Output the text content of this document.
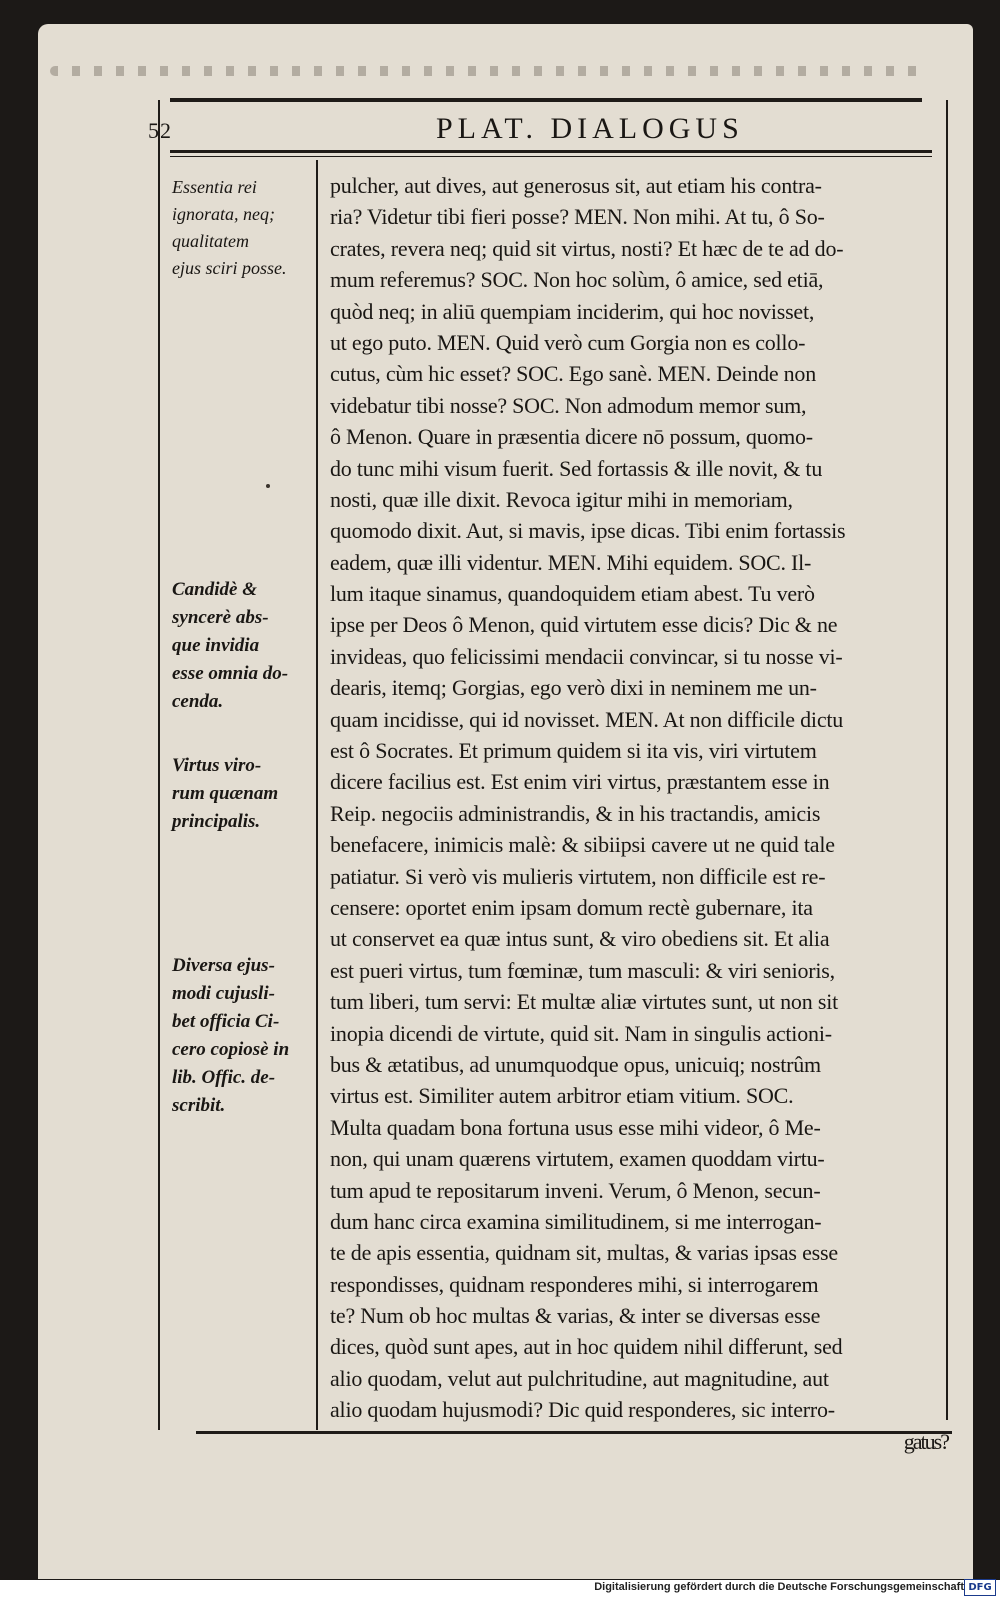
52	PLAT. DIALOGUS
Essentia rei
ignorata, neq;
qualitatem
ejus sciri posse.
Candidè &
syncerè abs-
que invidia
esse omnia do-
cenda.
Virtus viro-
rum quænam
principalis.
Diversa ejus-
modi cujusli-
bet officia Ci-
cero copiosè in
lib. Offic. de-
scribit.
pulcher, aut dives, aut generosus sit, aut etiam his contra-
ria? Videtur tibi fieri posse? MEN. Non mihi. At tu, ô So-
crates, revera neq; quid sit virtus, nosti? Et hæc de te ad do-
mum referemus? SOC. Non hoc solùm, ô amice, sed etiā,
quòd neq; in aliū quempiam inciderim, qui hoc novisset,
ut ego puto. MEN. Quid verò cum Gorgia non es collo-
cutus, cùm hic esset? SOC. Ego sanè. MEN. Deinde non
videbatur tibi nosse? SOC. Non admodum memor sum,
ô Menon. Quare in præsentia dicere nō possum, quomo-
do tunc mihi visum fuerit. Sed fortassis & ille novit, & tu
nosti, quæ ille dixit. Revoca igitur mihi in memoriam,
quomodo dixit. Aut, si mavis, ipse dicas. Tibi enim fortassis
eadem, quæ illi videntur. MEN. Mihi equidem. SOC. Il-
lum itaque sinamus, quandoquidem etiam abest. Tu verò
ipse per Deos ô Menon, quid virtutem esse dicis? Dic & ne
invideas, quo felicissimi mendacii convincar, si tu nosse vi-
dearis, itemq; Gorgias, ego verò dixi in neminem me un-
quam incidisse, qui id novisset. MEN. At non difficile dictu
est ô Socrates. Et primum quidem si ita vis, viri virtutem
dicere facilius est. Est enim viri virtus, præstantem esse in
Reip. negociis administrandis, & in his tractandis, amicis
benefacere, inimicis malè: & sibiipsi cavere ut ne quid tale
patiatur. Si verò vis mulieris virtutem, non difficile est re-
censere: oportet enim ipsam domum rectè gubernare, ita
ut conservet ea quæ intus sunt, & viro obediens sit. Et alia
est pueri virtus, tum fœminæ, tum masculi: & viri senioris,
tum liberi, tum servi: Et multæ aliæ virtutes sunt, ut non sit
inopia dicendi de virtute, quid sit. Nam in singulis actioni-
bus & ætatibus, ad unumquodque opus, unicuiq; nostrûm
virtus est. Similiter autem arbitror etiam vitium. SOC.
Multa quadam bona fortuna usus esse mihi videor, ô Me-
non, qui unam quærens virtutem, examen quoddam virtu-
tum apud te repositarum inveni. Verum, ô Menon, secun-
dum hanc circa examina similitudinem, si me interrogan-
te de apis essentia, quidnam sit, multas, & varias ipsas esse
respondisses, quidnam responderes mihi, si interrogarem
te? Num ob hoc multas & varias, & inter se diversas esse
dices, quòd sunt apes, aut in hoc quidem nihil differunt, sed
alio quodam, velut aut pulchritudine, aut magnitudine, aut
alio quodam hujusmodi? Dic quid responderes, sic interro-
gatus?
Digitalisierung gefördert durch die Deutsche Forschungsgemeinschaft DFG
